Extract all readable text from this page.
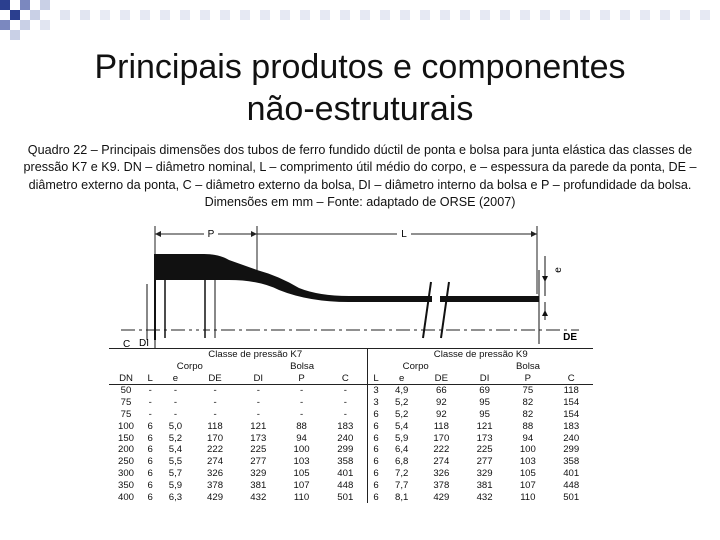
Principais produtos e componentes
não-estruturais
Quadro 22 – Principais dimensões dos tubos de ferro fundido dúctil de ponta e bolsa para junta elástica das classes de pressão K7 e K9. DN – diâmetro nominal, L – comprimento útil médio do corpo, e – espessura da parede da ponta, DE – diâmetro externo da ponta, C – diâmetro externo da bolsa, DI – diâmetro interno da bolsa e P – profundidade da bolsa. Dimensões em mm – Fonte: adaptado de ORSE (2007)
P	L
e
DE
C DI
	Classe de pressão K7						Classe de pressão K9					
	Corpo			Bolsa			Corpo			Bolsa		
DN	L	e	DE	DI	P	C	L	e	DE	DI	P	C
50	-	-	-	-	-	-	3	4,9	66	69	75	118
75	-	-	-	-	-	-	3	5,2	92	95	82	154
75	-	-	-	-	-	-	6	5,2	92	95	82	154
100	6	5,0	118	121	88	183	6	5,4	118	121	88	183
150	6	5,2	170	173	94	240	6	5,9	170	173	94	240
200	6	5,4	222	225	100	299	6	6,4	222	225	100	299
250	6	5,5	274	277	103	358	6	6,8	274	277	103	358
300	6	5,7	326	329	105	401	6	7,2	326	329	105	401
350	6	5,9	378	381	107	448	6	7,7	378	381	107	448
400	6	6,3	429	432	110	501	6	8,1	429	432	110	501
